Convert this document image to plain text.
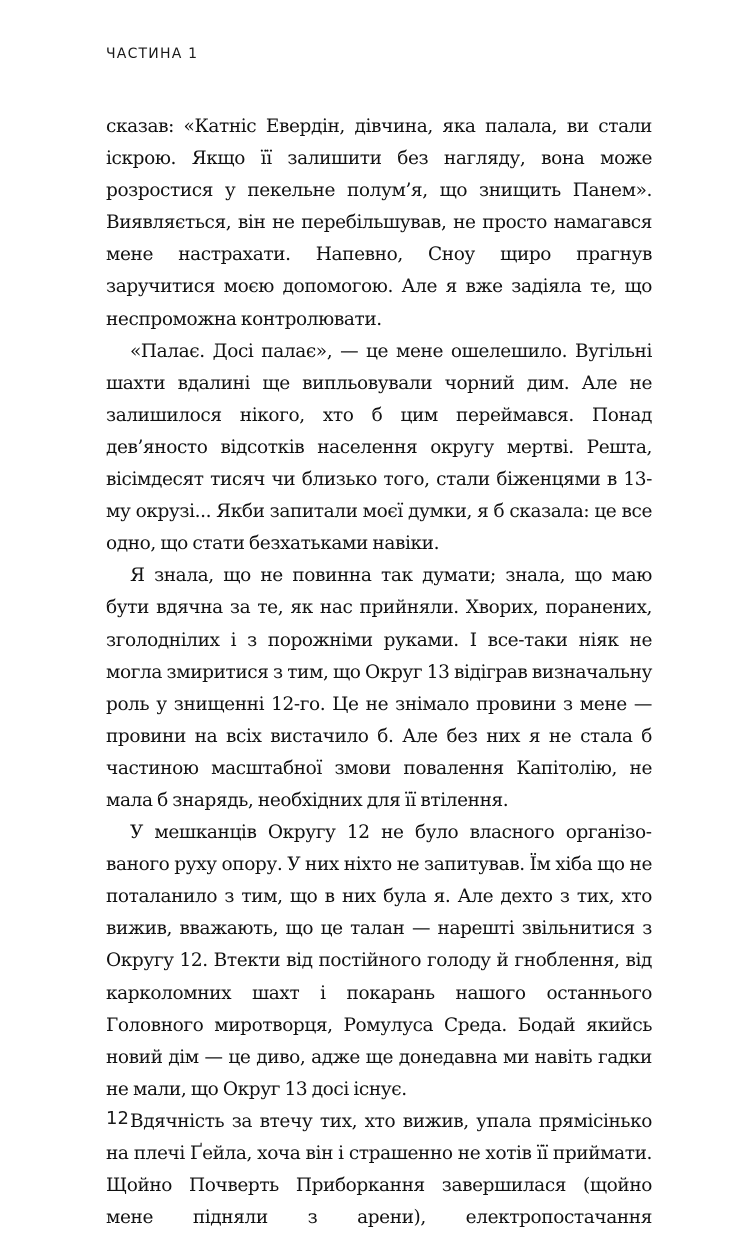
ЧАСТИНА 1

сказав: «Катніс Евердін, дівчина, яка палала, ви стали іскрою. Якщо її залишити без нагляду, вона може розростися у пекельне полум’я, що знищить Панем». Виявляється, він не перебільшував, не просто намагався мене настрахати. Напевно, Сноу щиро прагнув заручитися моєю допомогою. Але я вже задіяла те, що неспроможна контролювати.

«Палає. Досі палає», — це мене ошелешило. Вугільні шахти вдалині ще випльовували чорний дим. Але не залишилося нікого, хто б цим переймався. Понад дев’яносто відсотків населення округу мертві. Решта, вісімдесят тисяч чи близько того, стали біженцями в 13-му окрузі... Якби запитали моєї думки, я б сказала: це все одно, що стати безхатьками навіки.

Я знала, що не повинна так думати; знала, що маю бути вдячна за те, як нас прийняли. Хворих, поранених, зголоднілих і з порожніми руками. І все-таки ніяк не могла змиритися з тим, що Округ 13 відіграв визначальну роль у знищенні 12-го. Це не знімало провини з мене — провини на всіх вистачило б. Але без них я не стала б частиною масштабної змови повалення Капітолію, не мала б знарядь, необхідних для її втілення.

У мешканців Округу 12 не було власного організованого руху опору. У них ніхто не запитував. Їм хіба що не поталанило з тим, що в них була я. Але дехто з тих, хто вижив, вважають, що це талан — нарешті звільнитися з Округу 12. Втекти від постійного голоду й гноблення, від карколомних шахт і покарань нашого останнього Головного миротворця, Ромулуса Среда. Бодай якийсь новий дім — це диво, адже ще донедавна ми навіть гадки не мали, що Округ 13 досі існує.

Вдячність за втечу тих, хто вижив, упала прямісінько на плечі Ґейла, хоча він і страшенно не хотів її приймати. Щойно Почверть Приборкання завершилася (щойно мене підняли з арени), електропостачання

12
